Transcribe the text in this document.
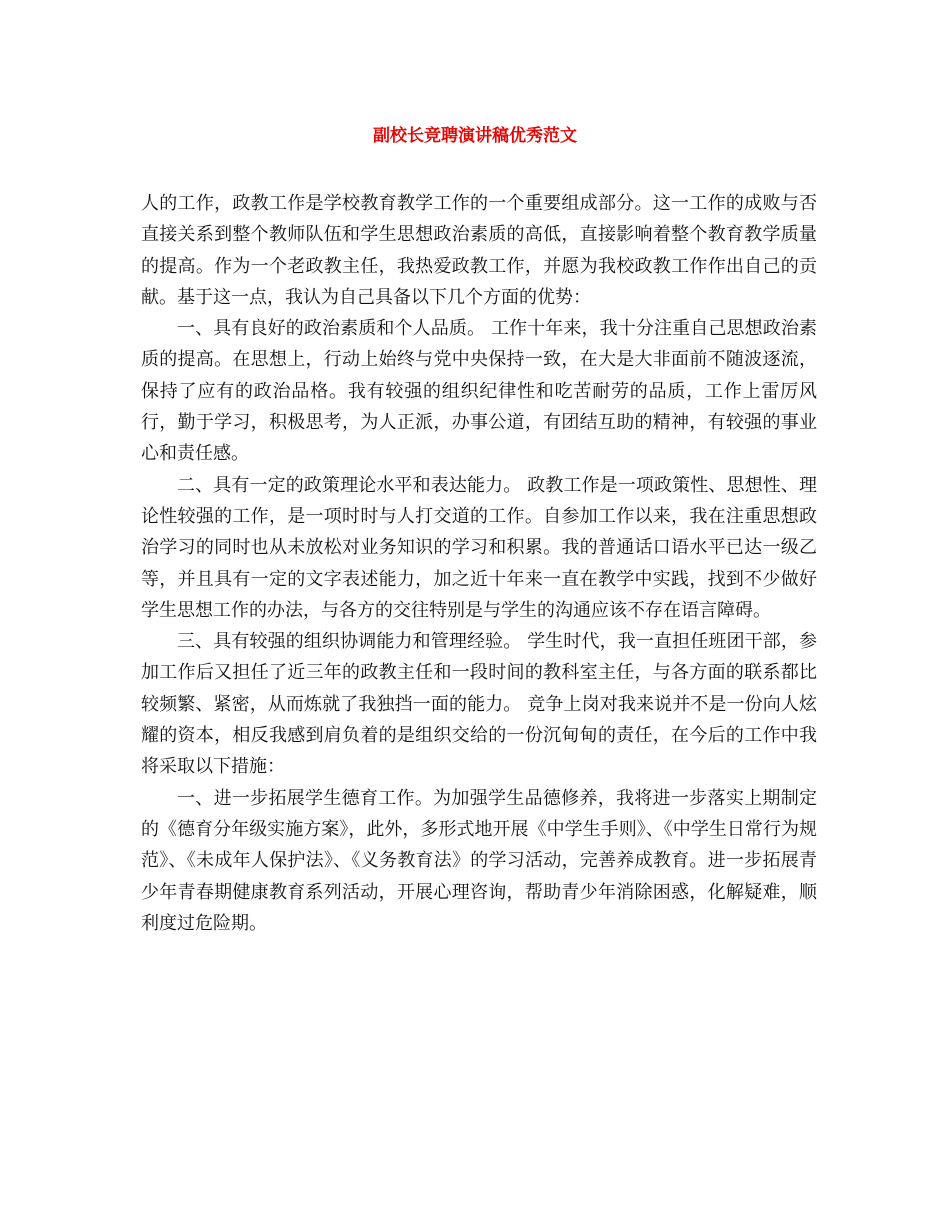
副校长竞聘演讲稿优秀范文

人的工作，政教工作是学校教育教学工作的一个重要组成部分。这一工作的成败与否直接关系到整个教师队伍和学生思想政治素质的高低，直接影响着整个教育教学质量的提高。作为一个老政教主任，我热爱政教工作，并愿为我校政教工作作出自己的贡献。基于这一点，我认为自己具备以下几个方面的优势：

一、具有良好的政治素质和个人品质。 工作十年来，我十分注重自己思想政治素质的提高。在思想上，行动上始终与党中央保持一致，在大是大非面前不随波逐流，保持了应有的政治品格。我有较强的组织纪律性和吃苦耐劳的品质，工作上雷厉风行，勤于学习，积极思考，为人正派，办事公道，有团结互助的精神，有较强的事业心和责任感。

二、具有一定的政策理论水平和表达能力。 政教工作是一项政策性、思想性、理论性较强的工作，是一项时时与人打交道的工作。自参加工作以来，我在注重思想政治学习的同时也从未放松对业务知识的学习和积累。我的普通话口语水平已达一级乙等，并且具有一定的文字表述能力，加之近十年来一直在教学中实践，找到不少做好学生思想工作的办法，与各方的交往特别是与学生的沟通应该不存在语言障碍。

三、具有较强的组织协调能力和管理经验。 学生时代，我一直担任班团干部，参加工作后又担任了近三年的政教主任和一段时间的教科室主任，与各方面的联系都比较频繁、紧密，从而炼就了我独挡一面的能力。 竞争上岗对我来说并不是一份向人炫耀的资本，相反我感到肩负着的是组织交给的一份沉甸甸的责任，在今后的工作中我将采取以下措施：

一、进一步拓展学生德育工作。为加强学生品德修养，我将进一步落实上期制定的《德育分年级实施方案》，此外，多形式地开展《中学生手则》、《中学生日常行为规范》、《未成年人保护法》、《义务教育法》的学习活动，完善养成教育。进一步拓展青少年青春期健康教育系列活动，开展心理咨询，帮助青少年消除困惑，化解疑难，顺利度过危险期。
